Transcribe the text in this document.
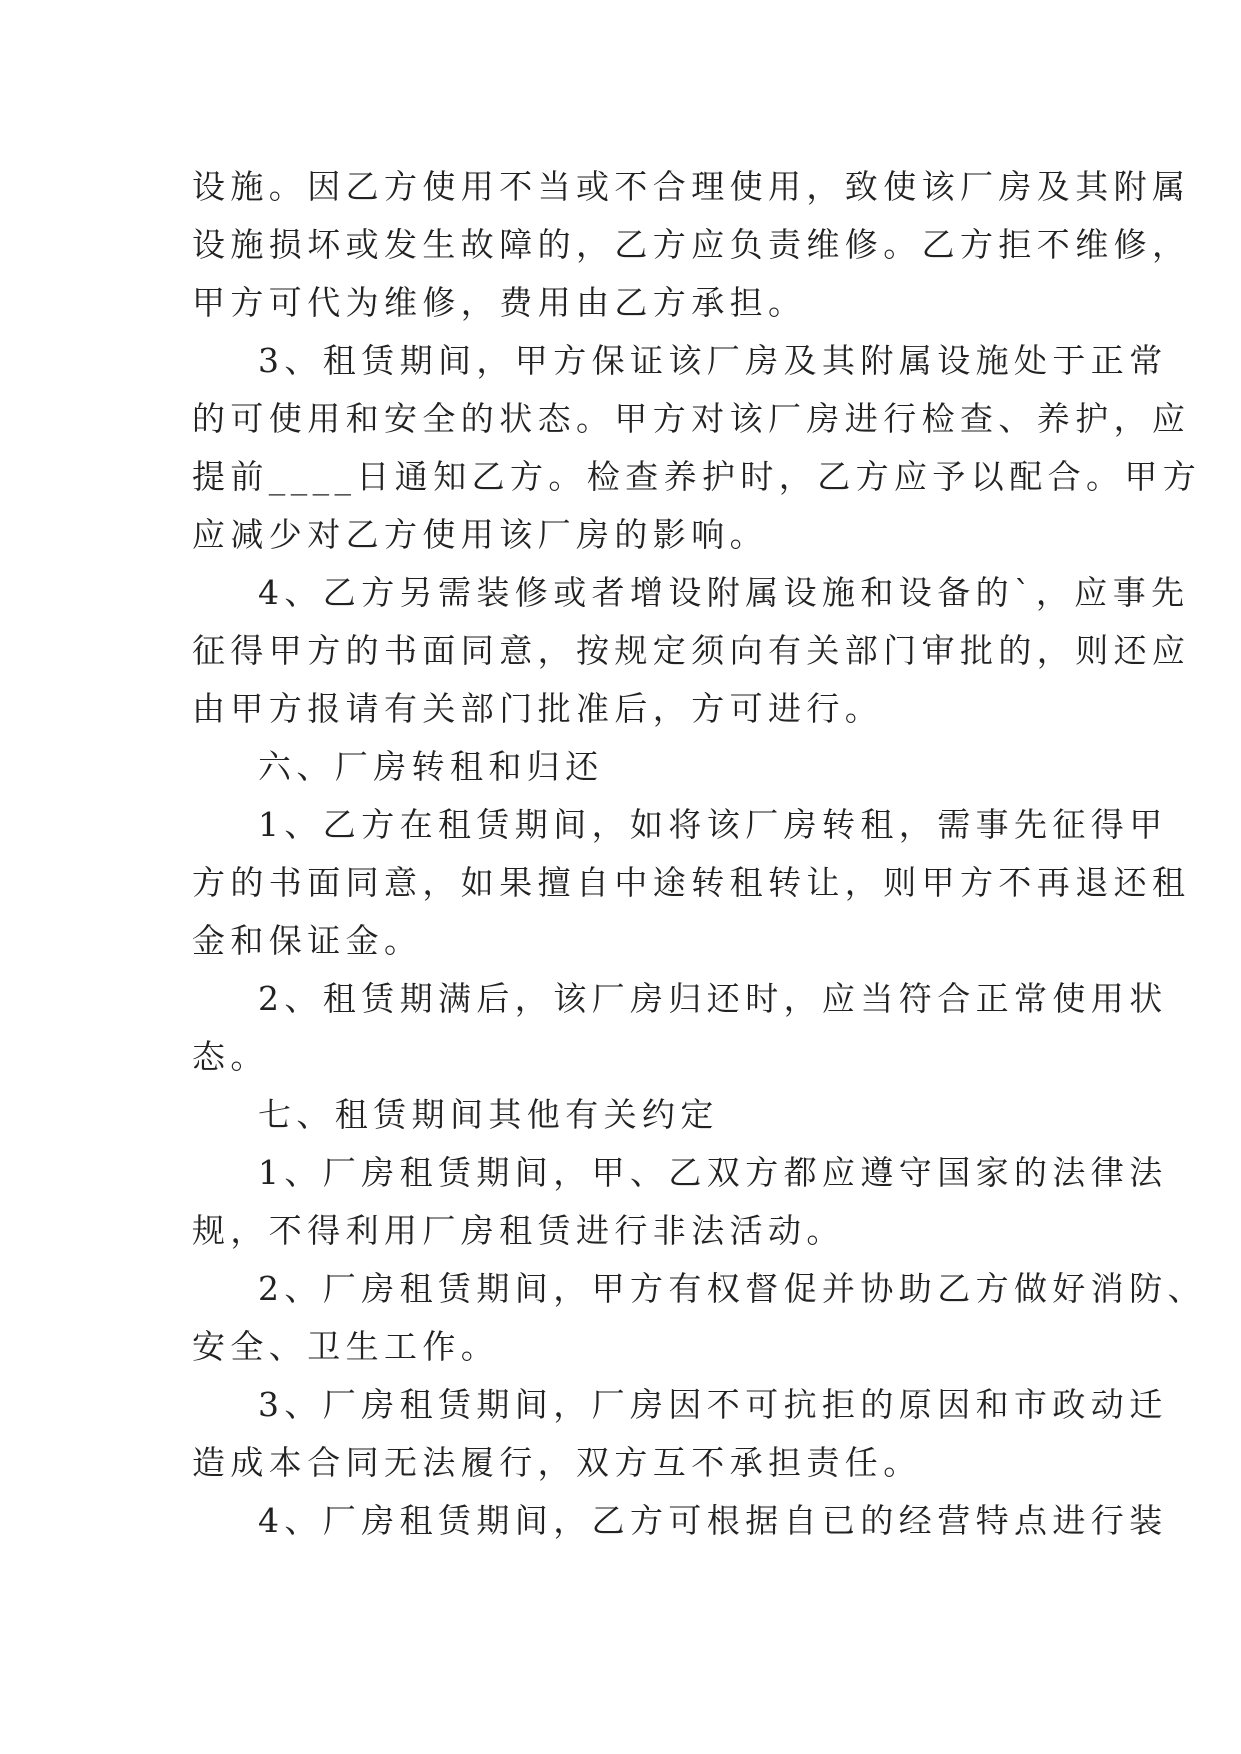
设施。因乙方使用不当或不合理使用，致使该厂房及其附属
设施损坏或发生故障的，乙方应负责维修。乙方拒不维修，
甲方可代为维修，费用由乙方承担。
3、租赁期间，甲方保证该厂房及其附属设施处于正常
的可使用和安全的状态。甲方对该厂房进行检查、养护，应
提前____日通知乙方。检查养护时，乙方应予以配合。甲方
应减少对乙方使用该厂房的影响。
4、乙方另需装修或者增设附属设施和设备的`，应事先
征得甲方的书面同意，按规定须向有关部门审批的，则还应
由甲方报请有关部门批准后，方可进行。
六、厂房转租和归还
1、乙方在租赁期间，如将该厂房转租，需事先征得甲
方的书面同意，如果擅自中途转租转让，则甲方不再退还租
金和保证金。
2、租赁期满后，该厂房归还时，应当符合正常使用状
态。
七、租赁期间其他有关约定
1、厂房租赁期间，甲、乙双方都应遵守国家的法律法
规，不得利用厂房租赁进行非法活动。
2、厂房租赁期间，甲方有权督促并协助乙方做好消防、
安全、卫生工作。
3、厂房租赁期间，厂房因不可抗拒的原因和市政动迁
造成本合同无法履行，双方互不承担责任。
4、厂房租赁期间，乙方可根据自已的经营特点进行装
